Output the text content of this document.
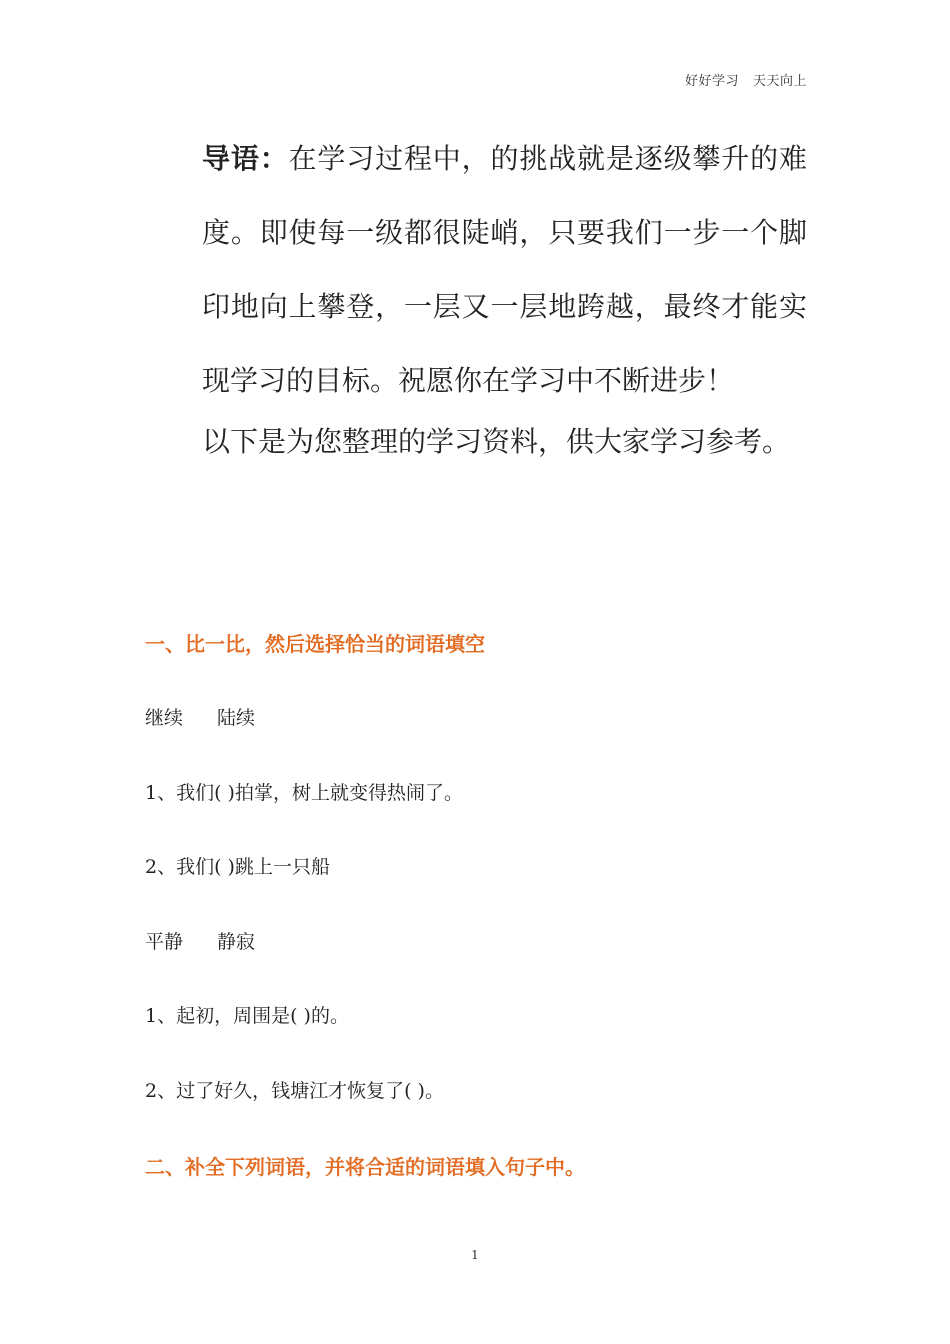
好好学习 天天向上

导语：在学习过程中，的挑战就是逐级攀升的难度。即使每一级都很陡峭，只要我们一步一个脚印地向上攀登，一层又一层地跨越，最终才能实现学习的目标。祝愿你在学习中不断进步！

以下是为您整理的学习资料，供大家学习参考。
一、比一比，然后选择恰当的词语填空
继续 陆续
1、我们( )拍掌，树上就变得热闹了。
2、我们( )跳上一只船
平静 静寂
1、起初，周围是( )的。
2、过了好久，钱塘江才恢复了( )。
二、补全下列词语，并将合适的词语填入句子中。
1
